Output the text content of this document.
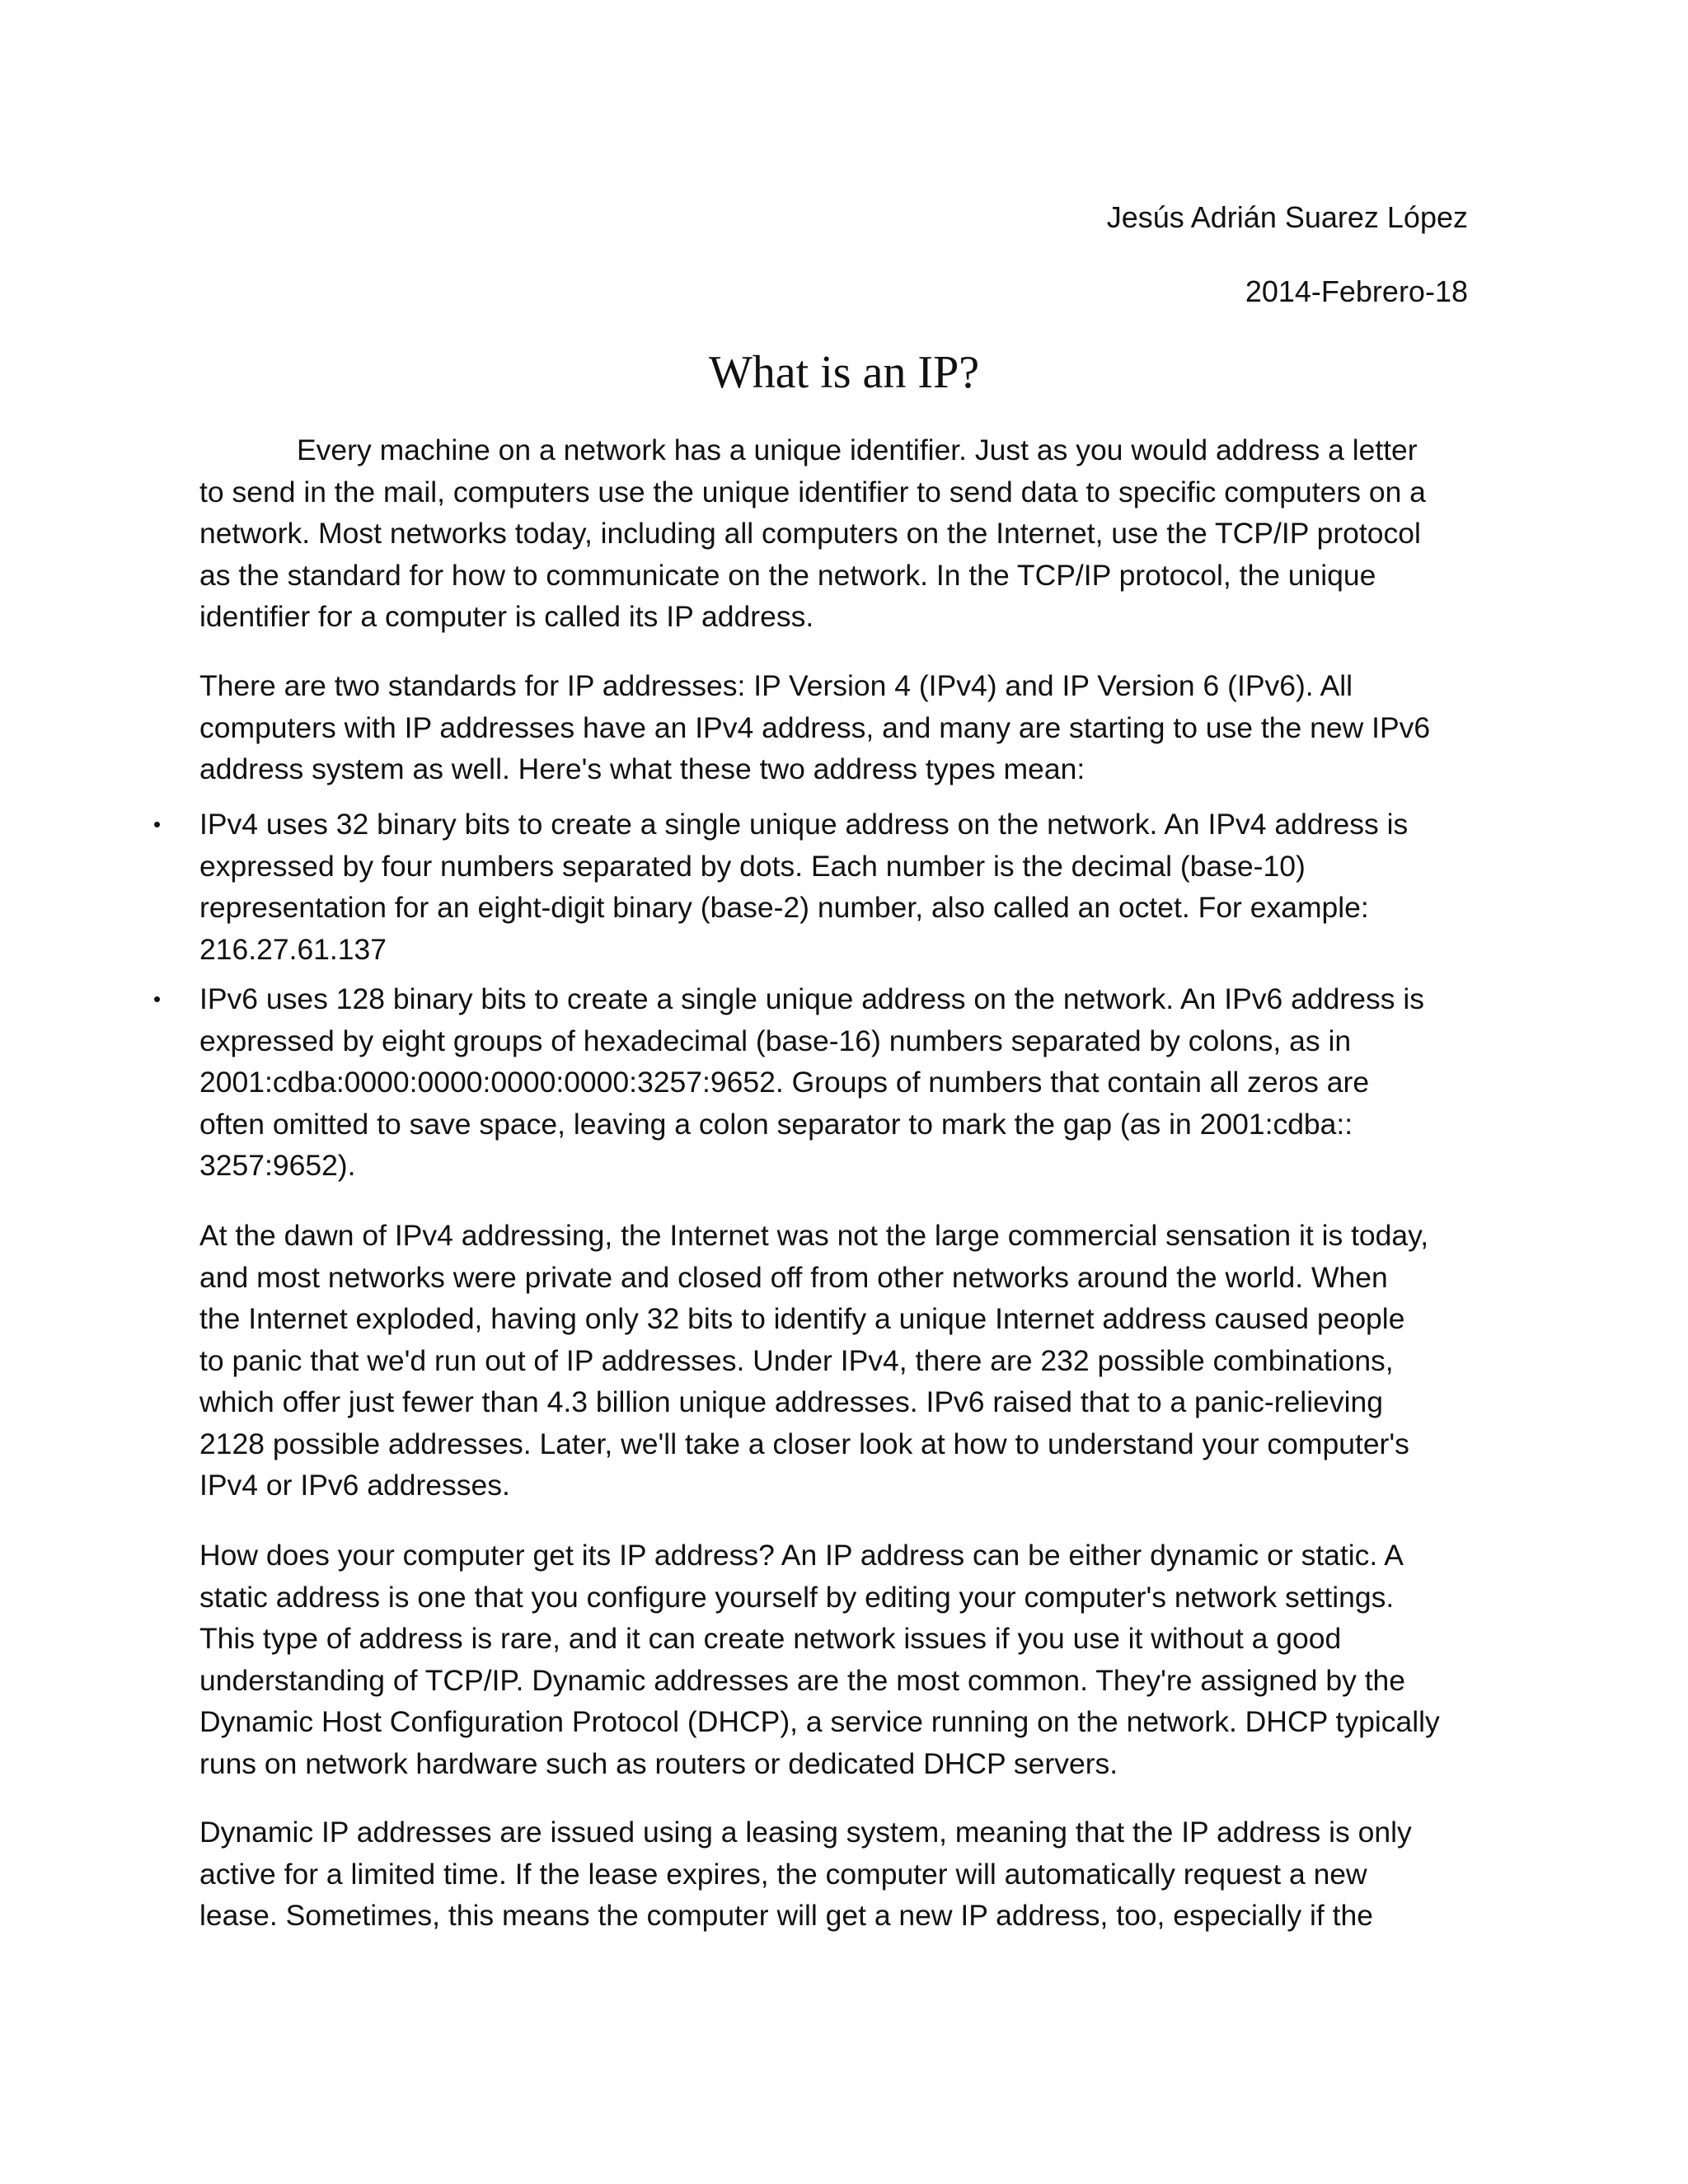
Jesús Adrián Suarez López
2014-Febrero-18
What is an IP?
Every machine on a network has a unique identifier. Just as you would address a letter
to send in the mail, computers use the unique identifier to send data to specific computers on a
network. Most networks today, including all computers on the Internet, use the TCP/IP protocol
as the standard for how to communicate on the network. In the TCP/IP protocol, the unique
identifier for a computer is called its IP address.
There are two standards for IP addresses: IP Version 4 (IPv4) and IP Version 6 (IPv6). All
computers with IP addresses have an IPv4 address, and many are starting to use the new IPv6
address system as well. Here's what these two address types mean:
• IPv4 uses 32 binary bits to create a single unique address on the network. An IPv4 address is
expressed by four numbers separated by dots. Each number is the decimal (base-10)
representation for an eight-digit binary (base-2) number, also called an octet. For example:
216.27.61.137
• IPv6 uses 128 binary bits to create a single unique address on the network. An IPv6 address is
expressed by eight groups of hexadecimal (base-16) numbers separated by colons, as in
2001:cdba:0000:0000:0000:0000:3257:9652. Groups of numbers that contain all zeros are
often omitted to save space, leaving a colon separator to mark the gap (as in 2001:cdba::
3257:9652).
At the dawn of IPv4 addressing, the Internet was not the large commercial sensation it is today,
and most networks were private and closed off from other networks around the world. When
the Internet exploded, having only 32 bits to identify a unique Internet address caused people
to panic that we'd run out of IP addresses. Under IPv4, there are 232 possible combinations,
which offer just fewer than 4.3 billion unique addresses. IPv6 raised that to a panic-relieving
2128 possible addresses. Later, we'll take a closer look at how to understand your computer's
IPv4 or IPv6 addresses.
How does your computer get its IP address? An IP address can be either dynamic or static. A
static address is one that you configure yourself by editing your computer's network settings.
This type of address is rare, and it can create network issues if you use it without a good
understanding of TCP/IP. Dynamic addresses are the most common. They're assigned by the
Dynamic Host Configuration Protocol (DHCP), a service running on the network. DHCP typically
runs on network hardware such as routers or dedicated DHCP servers.
Dynamic IP addresses are issued using a leasing system, meaning that the IP address is only
active for a limited time. If the lease expires, the computer will automatically request a new
lease. Sometimes, this means the computer will get a new IP address, too, especially if the
